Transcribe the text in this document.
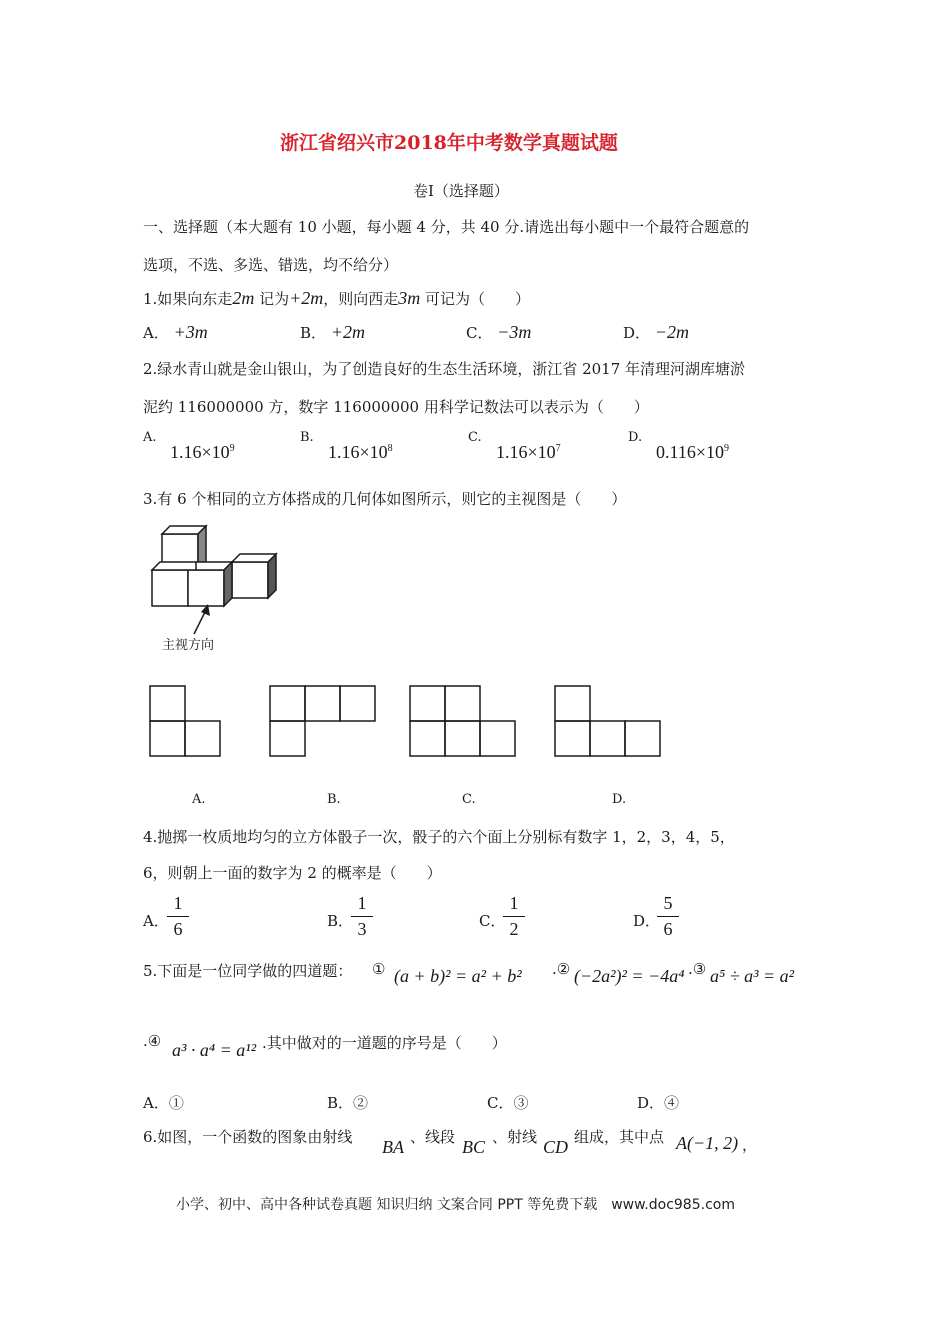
浙江省绍兴市2018年中考数学真题试题
卷Ⅰ（选择题）
一、选择题（本大题有 10 小题，每小题 4 分，共 40 分.请选出每小题中一个最符合题意的
选项，不选、多选、错选，均不给分）
1.如果向东走2m 记为+2m，则向西走3m 可记为（　　）
A． +3m	B． +2m	C． −3m	D． −2m
2.绿水青山就是金山银山，为了创造良好的生态生活环境，浙江省 2017 年清理河湖库塘淤
泥约 116000000 方，数字 116000000 用科学记数法可以表示为（　　）
A.
$1.16\times 10^9$
B.
$1.16\times 10^8$
C.
$1.16\times 10^7$
D.
$0.116\times 10^9$
3.有 6 个相同的立方体搭成的几何体如图所示，则它的主视图是（　　）
主视方向
A.	B.	C.	D.
4.抛掷一枚质地均匀的立方体骰子一次，骰子的六个面上分别标有数字 1，2，3，4，5，
6，则朝上一面的数字为 2 的概率是（　　）
A．
1
6	B．
1
3	C．
1
2	D．
5
6
5.下面是一位同学做的四道题： ① (a + b)² = a² + b² .② (−2a²)² = −4a⁴ .③ a⁵ ÷ a³ = a²
.④ a³ · a⁴ = a¹² .其中做对的一道题的序号是（　　）
A．①	B．②	C．③	D．④
6.如图，一个函数的图象由射线 BA 、线段 BC 、射线 CD 组成，其中点 A(−1, 2) ，
小学、初中、高中各种试卷真题 知识归纳 文案合同 PPT 等免费下载　www.doc985.com
